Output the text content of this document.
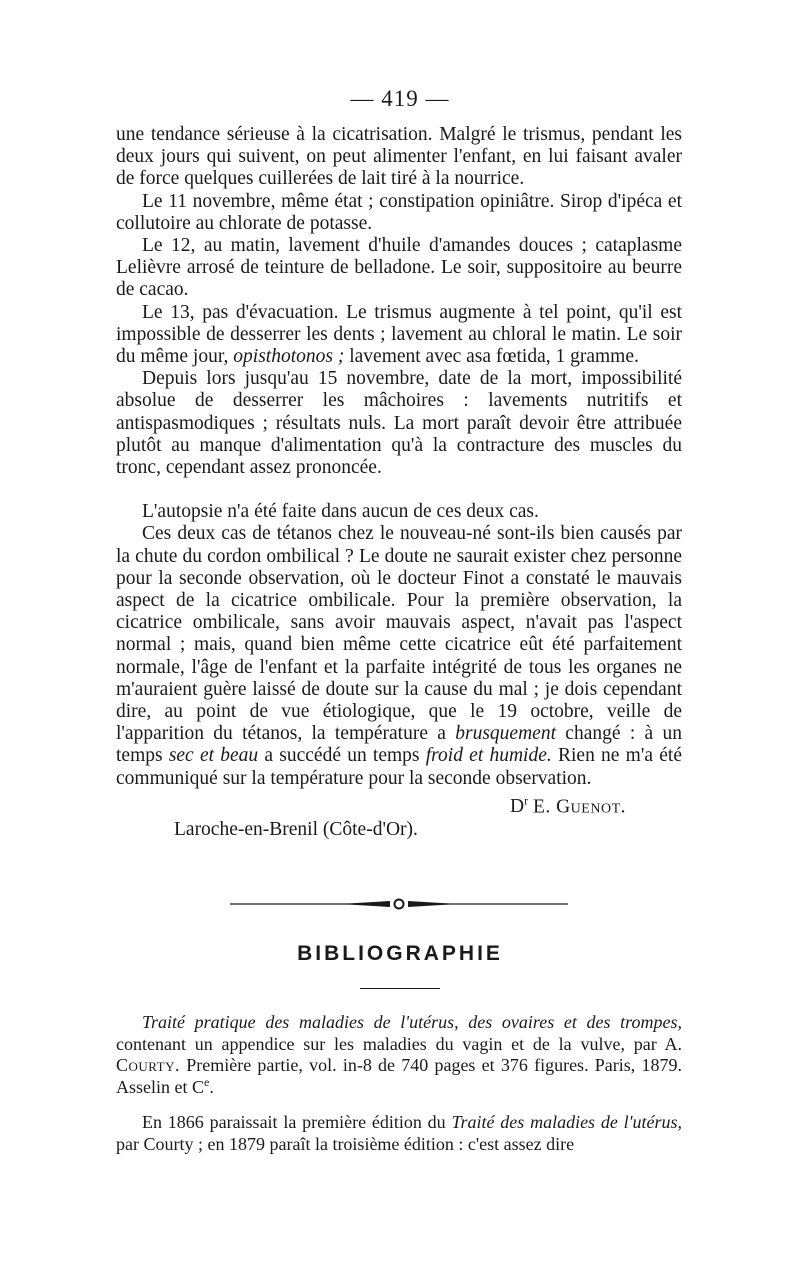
— 419 —

une tendance sérieuse à la cicatrisation. Malgré le trismus, pendant les deux jours qui suivent, on peut alimenter l'enfant, en lui faisant avaler de force quelques cuillerées de lait tiré à la nourrice.

Le 11 novembre, même état ; constipation opiniâtre. Sirop d'ipéca et collutoire au chlorate de potasse.

Le 12, au matin, lavement d'huile d'amandes douces ; cataplasme Lelièvre arrosé de teinture de belladone. Le soir, suppositoire au beurre de cacao.

Le 13, pas d'évacuation. Le trismus augmente à tel point, qu'il est impossible de desserrer les dents ; lavement au chloral le matin. Le soir du même jour, opisthotonos ; lavement avec asa fœtida, 1 gramme.

Depuis lors jusqu'au 15 novembre, date de la mort, impossibilité absolue de desserrer les mâchoires : lavements nutritifs et antispasmodiques ; résultats nuls. La mort paraît devoir être attribuée plutôt au manque d'alimentation qu'à la contracture des muscles du tronc, cependant assez prononcée.

L'autopsie n'a été faite dans aucun de ces deux cas.

Ces deux cas de tétanos chez le nouveau-né sont-ils bien causés par la chute du cordon ombilical ? Le doute ne saurait exister chez personne pour la seconde observation, où le docteur Finot a constaté le mauvais aspect de la cicatrice ombilicale. Pour la première observation, la cicatrice ombilicale, sans avoir mauvais aspect, n'avait pas l'aspect normal ; mais, quand bien même cette cicatrice eût été parfaitement normale, l'âge de l'enfant et la parfaite intégrité de tous les organes ne m'auraient guère laissé de doute sur la cause du mal ; je dois cependant dire, au point de vue étiologique, que le 19 octobre, veille de l'apparition du tétanos, la température a brusquement changé : à un temps sec et beau a succédé un temps froid et humide. Rien ne m'a été communiqué sur la température pour la seconde observation.

$D^r$ E. Guenot.

Laroche-en-Brenil (Côte-d'Or).

BIBLIOGRAPHIE

Traité pratique des maladies de l'utérus, des ovaires et des trompes, contenant un appendice sur les maladies du vagin et de la vulve, par A. Courty. Première partie, vol. in-8 de 740 pages et 376 figures. Paris, 1879. Asselin et Ce.

En 1866 paraissait la première édition du Traité des maladies de l'utérus, par Courty ; en 1879 paraît la troisième édition : c'est assez dire
